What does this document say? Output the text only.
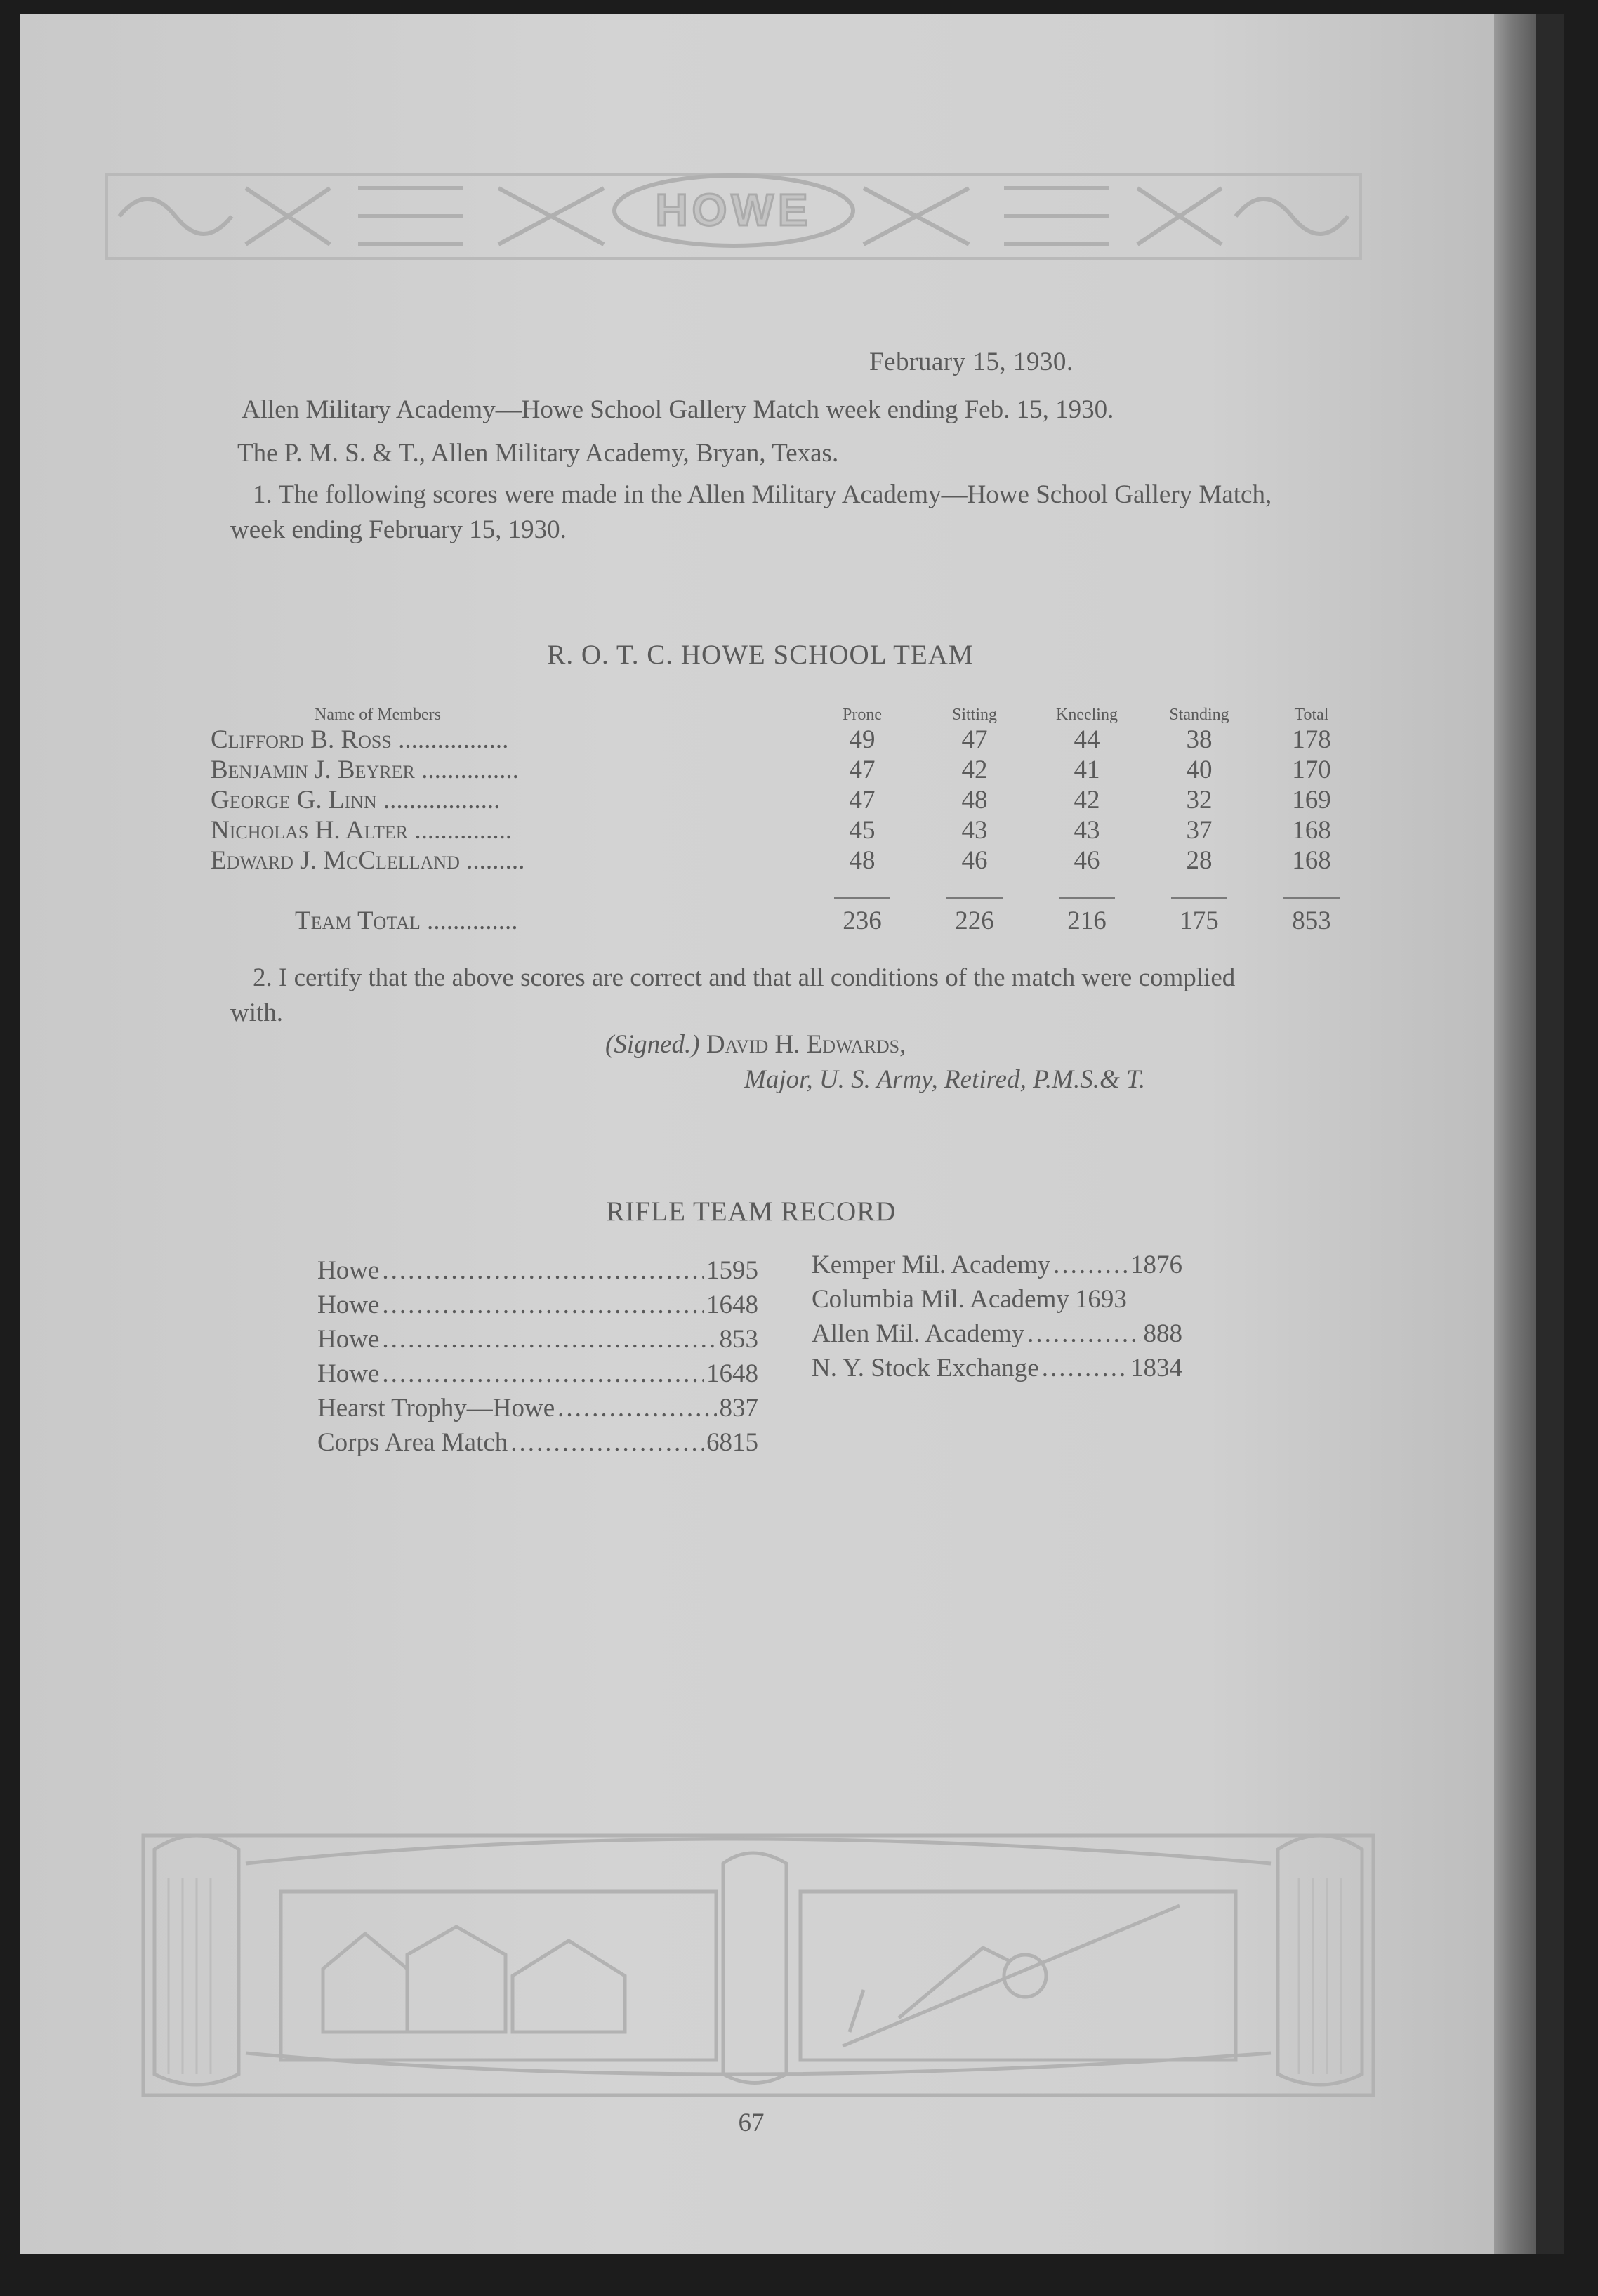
HOWE
February 15, 1930.
Allen Military Academy—Howe School Gallery Match week ending Feb. 15, 1930.
The P. M. S. & T., Allen Military Academy, Bryan, Texas.
1. The following scores were made in the Allen Military Academy—Howe School Gallery Match, week ending February 15, 1930.
R. O. T. C. HOWE SCHOOL TEAM
Name of Members	Prone	Sitting	Kneeling	Standing	Total
Clifford B. Ross .................	49	47	44	38	178
Benjamin J. Beyrer ...............	47	42	41	40	170
George G. Linn ..................	47	48	42	32	169
Nicholas H. Alter ...............	45	43	43	37	168
Edward J. McClelland .........	48	46	46	28	168

Team Total ..............	236	226	216	175	853
2. I certify that the above scores are correct and that all conditions of the match were complied with.
(Signed.) David H. Edwards,
Major, U. S. Army, Retired, P.M.S.& T.
RIFLE TEAM RECORD
Howe .....	1595
Howe .....	1648
Howe .....	853
Howe .....	1648
Hearst Trophy—Howe .....	837
Corps Area Match .....	6815
Kemper Mil. Academy .....	1876
Columbia Mil. Academy 1693
Allen Mil. Academy .....	888
N. Y. Stock Exchange .....	1834
67
